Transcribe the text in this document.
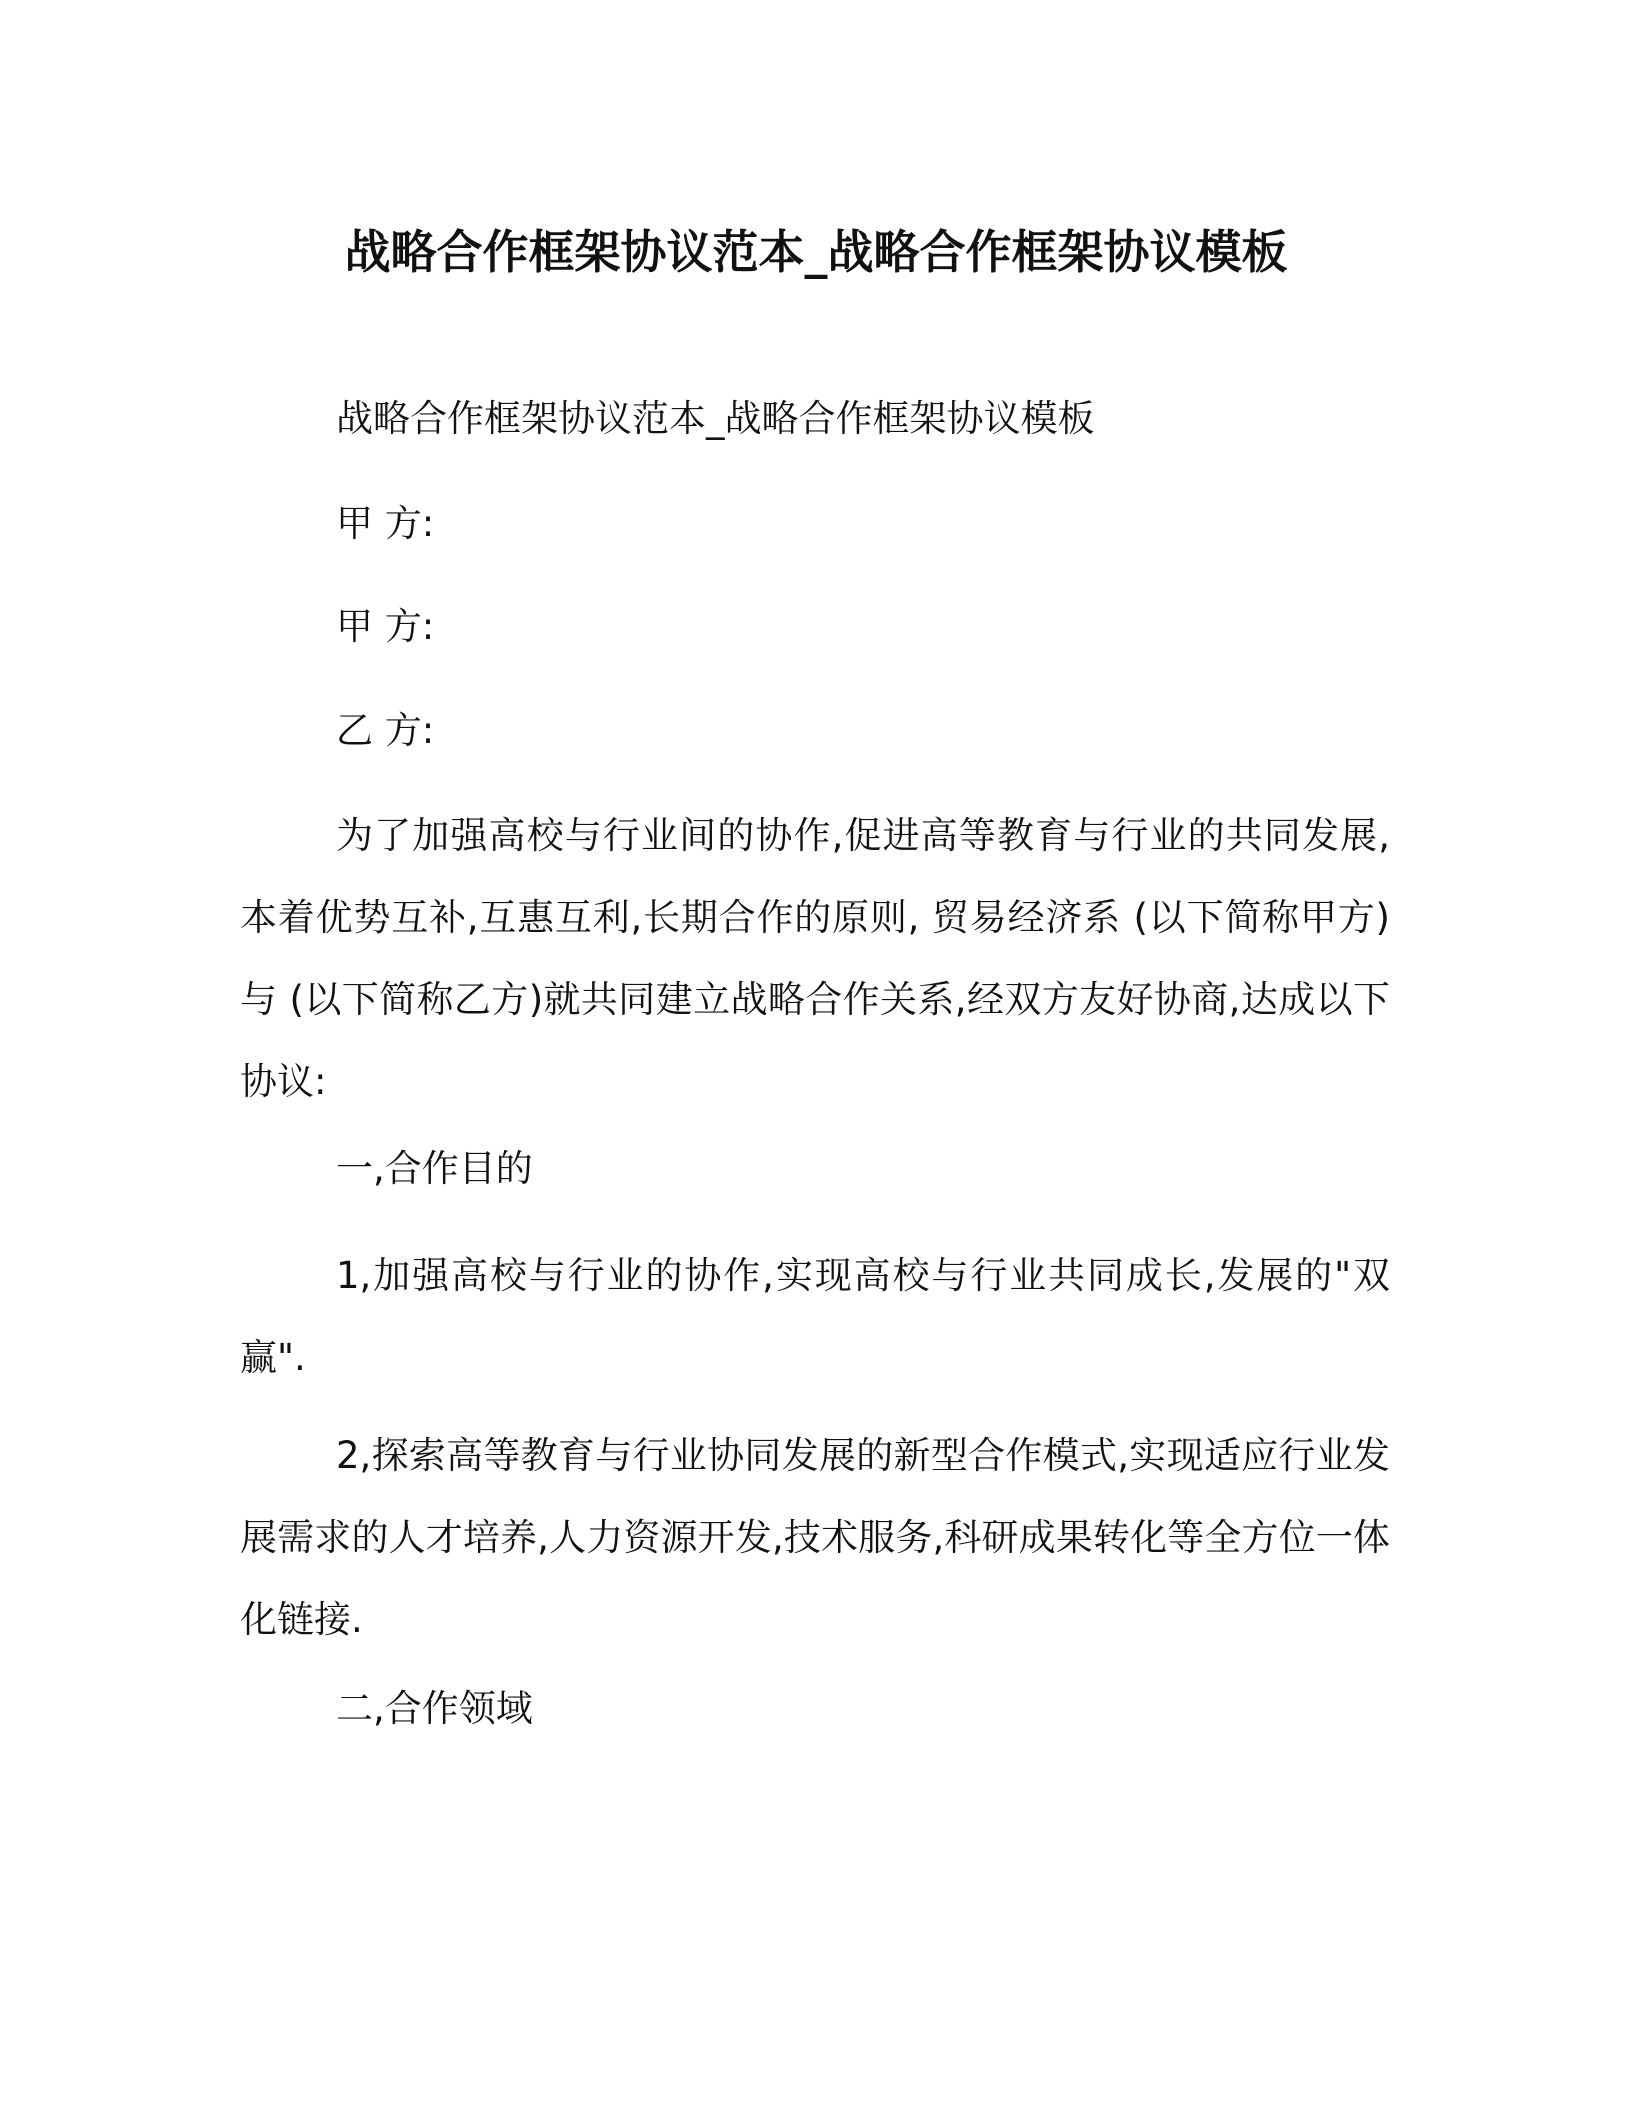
战略合作框架协议范本_战略合作框架协议模板
战略合作框架协议范本_战略合作框架协议模板
甲 方:
甲 方:
乙 方:
为了加强高校与行业间的协作,促进高等教育与行业的共同发展,本着优势互补,互惠互利,长期合作的原则, 贸易经济系 (以下简称甲方)与 (以下简称乙方)就共同建立战略合作关系,经双方友好协商,达成以下协议:
一,合作目的
1,加强高校与行业的协作,实现高校与行业共同成长,发展的"双赢".
2,探索高等教育与行业协同发展的新型合作模式,实现适应行业发展需求的人才培养,人力资源开发,技术服务,科研成果转化等全方位一体化链接.
二,合作领域
